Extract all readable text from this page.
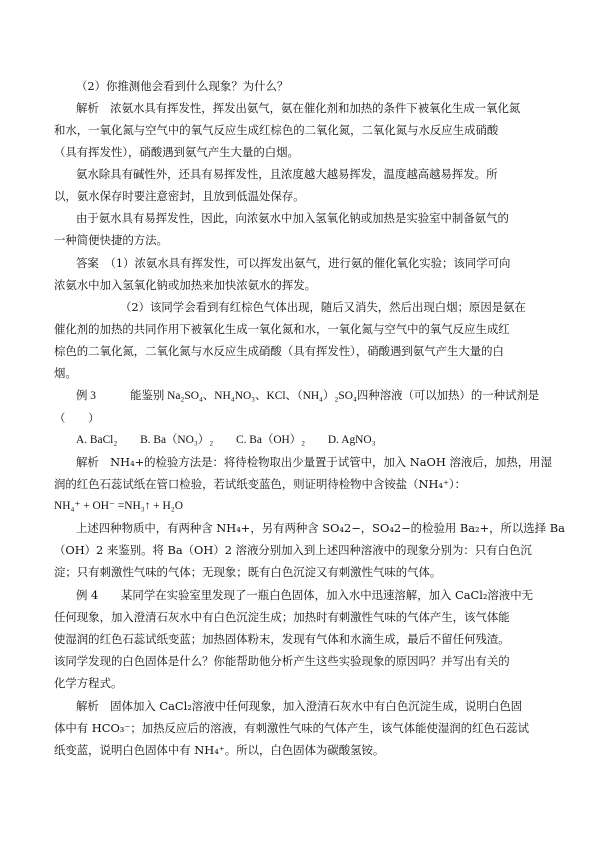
（2）你推测他会看到什么现象？为什么？
解析　浓氨水具有挥发性，挥发出氨气，氨在催化剂和加热的条件下被氧化生成一氧化氮
和水，一氧化氮与空气中的氧气反应生成红棕色的二氧化氮，二氧化氮与水反应生成硝酸
（具有挥发性），硝酸遇到氨气产生大量的白烟。
氨水除具有碱性外，还具有易挥发性，且浓度越大越易挥发，温度越高越易挥发。所
以，氨水保存时要注意密封，且放到低温处保存。
由于氨水具有易挥发性，因此，向浓氨水中加入氢氧化钠或加热是实验室中制备氨气的
一种简便快捷的方法。
答案　（1）浓氨水具有挥发性，可以挥发出氨气，进行氨的催化氧化实验；该同学可向
浓氨水中加入氢氧化钠或加热来加快浓氨水的挥发。
（2）该同学会看到有红棕色气体出现，随后又消失，然后出现白烟；原因是氨在
催化剂的加热的共同作用下被氧化生成一氧化氮和水，一氧化氮与空气中的氧气反应生成红
棕色的二氧化氮，二氧化氮与水反应生成硝酸（具有挥发性），硝酸遇到氨气产生大量的白
烟。
例 3　　　能鉴别 Na₂SO₄、NH₄NO₃、KCl、（NH₄）₂SO₄四种溶液（可以加热）的一种试剂是
（　　）
A. BaCl₂　　B. Ba（NO₃）₂　　C. Ba（OH）₂　　D. AgNO₃
解析　NH₄+的检验方法是：将待检物取出少量置于试管中，加入 NaOH 溶液后，加热，用湿
润的红色石蕊试纸在管口检验，若试纸变蓝色，则证明待检物中含铵盐（NH₄⁺）：
NH₄⁺ + OH⁻ =NH₃↑ + H₂O
上述四种物质中，有两种含 NH₄+，另有两种含 SO₄2−，SO₄2−的检验用 Ba₂+，所以选择 Ba
（OH）2 来鉴别。将 Ba（OH）2 溶液分别加入到上述四种溶液中的现象分别为：只有白色沉
淀；只有刺激性气味的气体；无现象；既有白色沉淀又有刺激性气味的气体。
例 4　　某同学在实验室里发现了一瓶白色固体，加入水中迅速溶解，加入 CaCl₂溶液中无
任何现象，加入澄清石灰水中有白色沉淀生成；加热时有刺激性气味的气体产生，该气体能
使湿润的红色石蕊试纸变蓝；加热固体粉末，发现有气体和水滴生成，最后不留任何残渣。
该同学发现的白色固体是什么？你能帮助他分析产生这些实验现象的原因吗？并写出有关的
化学方程式。
解析　固体加入 CaCl₂溶液中任何现象，加入澄清石灰水中有白色沉淀生成，说明白色固
体中有 HCO₃⁻；加热反应后的溶液，有刺激性气味的气体产生，该气体能使湿润的红色石蕊试
纸变蓝，说明白色固体中有 NH₄⁺。所以，白色固体为碳酸氢铵。
